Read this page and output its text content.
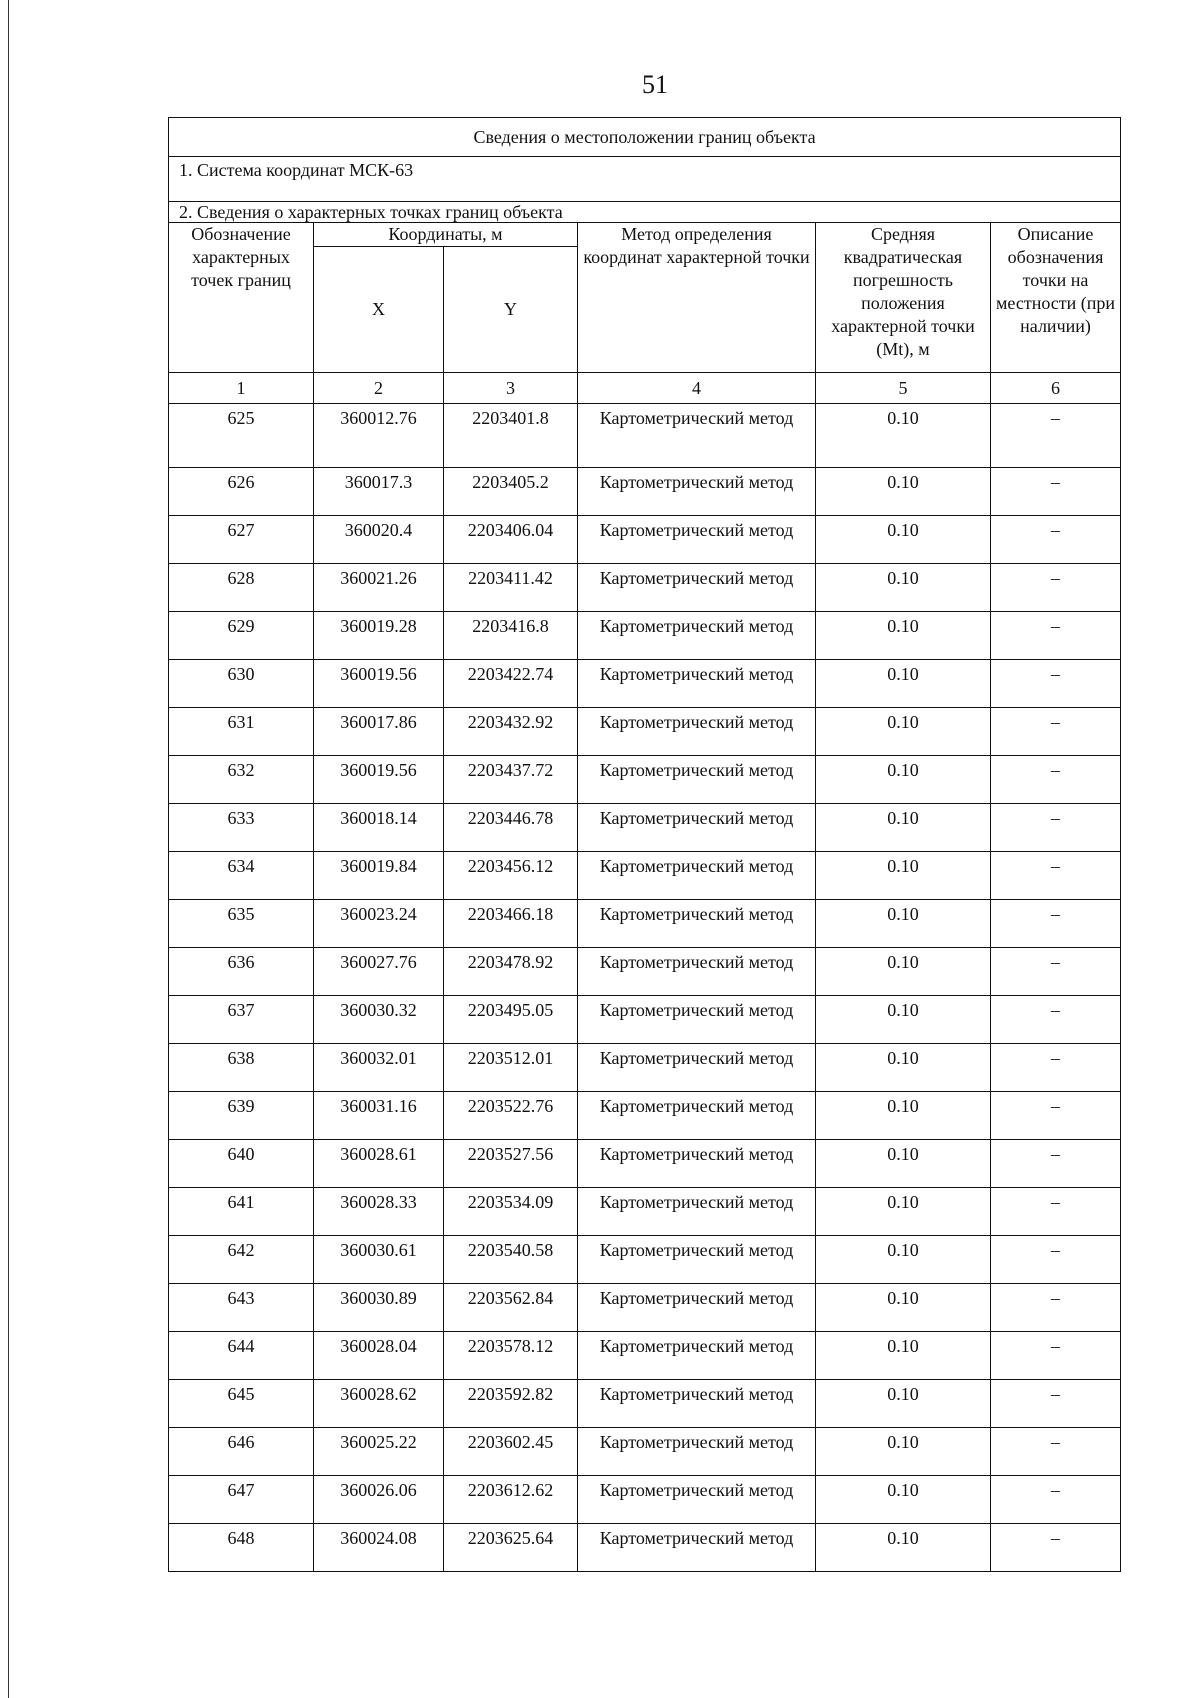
51
Сведения о местоположении границ объекта					
1. Система координат МСК-63					
2. Сведения о характерных точках границ объекта					
Обозначение характерных точек границ	Координаты, м		Метод определения координат характерной точки	Средняя квадратическая погрешность положения характерной точки (Mt), м	Описание обозначения точки на местности (при наличии)
	X	Y			
1	2	3	4	5	6
625	360012.76	2203401.8	Картометрический метод	0.10	–
626	360017.3	2203405.2	Картометрический метод	0.10	–
627	360020.4	2203406.04	Картометрический метод	0.10	–
628	360021.26	2203411.42	Картометрический метод	0.10	–
629	360019.28	2203416.8	Картометрический метод	0.10	–
630	360019.56	2203422.74	Картометрический метод	0.10	–
631	360017.86	2203432.92	Картометрический метод	0.10	–
632	360019.56	2203437.72	Картометрический метод	0.10	–
633	360018.14	2203446.78	Картометрический метод	0.10	–
634	360019.84	2203456.12	Картометрический метод	0.10	–
635	360023.24	2203466.18	Картометрический метод	0.10	–
636	360027.76	2203478.92	Картометрический метод	0.10	–
637	360030.32	2203495.05	Картометрический метод	0.10	–
638	360032.01	2203512.01	Картометрический метод	0.10	–
639	360031.16	2203522.76	Картометрический метод	0.10	–
640	360028.61	2203527.56	Картометрический метод	0.10	–
641	360028.33	2203534.09	Картометрический метод	0.10	–
642	360030.61	2203540.58	Картометрический метод	0.10	–
643	360030.89	2203562.84	Картометрический метод	0.10	–
644	360028.04	2203578.12	Картометрический метод	0.10	–
645	360028.62	2203592.82	Картометрический метод	0.10	–
646	360025.22	2203602.45	Картометрический метод	0.10	–
647	360026.06	2203612.62	Картометрический метод	0.10	–
648	360024.08	2203625.64	Картометрический метод	0.10	–
